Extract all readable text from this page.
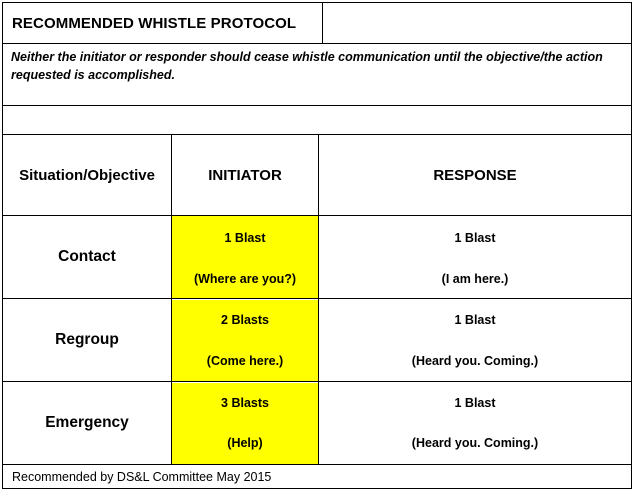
RECOMMENDED WHISTLE PROTOCOL
Neither the initiator or responder should cease whistle communication until the objective/the action requested is accomplished.
Situation/Objective	INITIATOR	RESPONSE
Contact
1 Blast
(Where are you?)
1 Blast
(I am here.)
Regroup
2 Blasts
(Come here.)
1 Blast
(Heard you. Coming.)
Emergency
3 Blasts
(Help)
1 Blast
(Heard you. Coming.)
Recommended by DS&L Committee May 2015
